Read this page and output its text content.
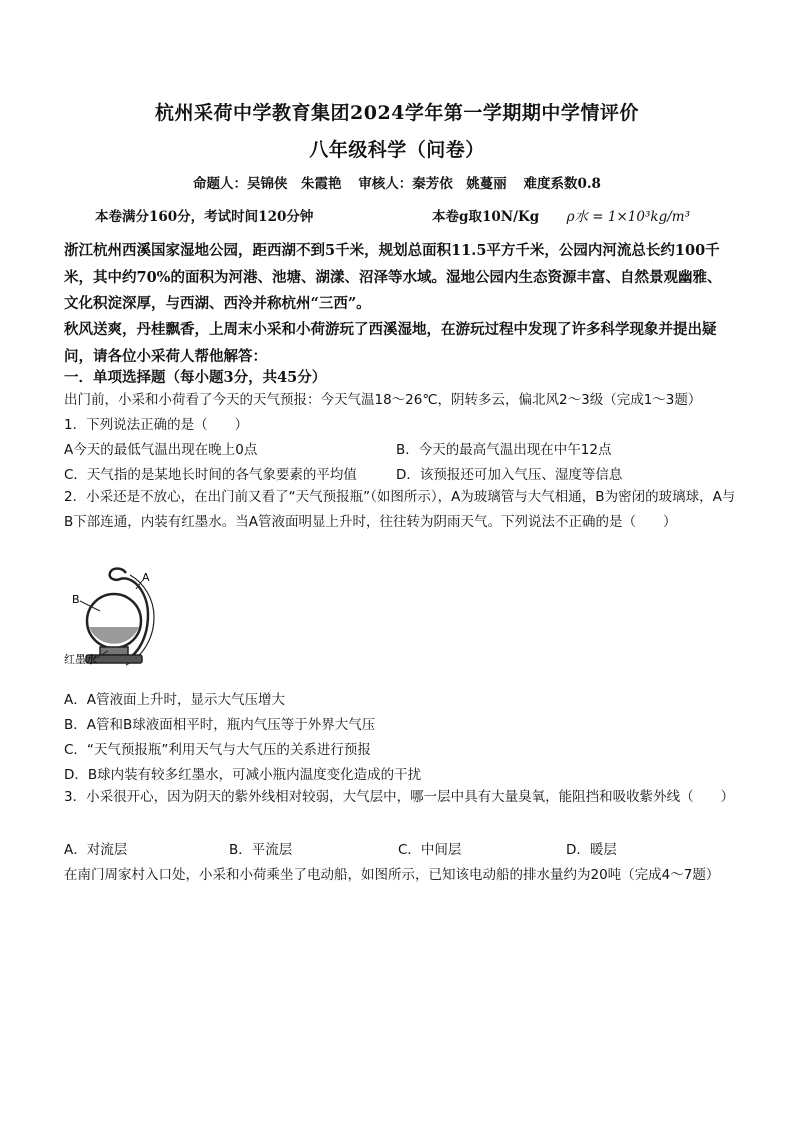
杭州采荷中学教育集团2024学年第一学期期中学情评价
八年级科学（问卷）
命题人：吴锦侠　朱霞艳 审核人：秦芳依　姚蔓丽 难度系数0.8
本卷满分160分，考试时间120分钟	本卷g取10N/Kg ρ水 = 1×10³kg/m³
浙江杭州西溪国家湿地公园，距西湖不到5千米，规划总面积11.5平方千米，公园内河流总长约100千米，其中约70%的面积为河港、池塘、湖漾、沼泽等水域。湿地公园内生态资源丰富、自然景观幽雅、文化积淀深厚，与西湖、西泠并称杭州“三西”。
秋风送爽，丹桂飘香，上周末小采和小荷游玩了西溪湿地，在游玩过程中发现了许多科学现象并提出疑问，请各位小采荷人帮他解答：
一．单项选择题（每小题3分，共45分）
出门前，小采和小荷看了今天的天气预报：今天气温18～26℃，阴转多云，偏北风2～3级（完成1～3题）
1．下列说法正确的是（　　）
A今天的最低气温出现在晚上0点	B．今天的最高气温出现在中午12点
C．天气指的是某地长时间的各气象要素的平均值	D．该预报还可加入气压、湿度等信息
2．小采还是不放心，在出门前又看了“天气预报瓶”（如图所示），A为玻璃管与大气相通，B为密闭的玻璃球，A与B下部连通，内装有红墨水。当A管液面明显上升时，往往转为阴雨天气。下列说法不正确的是（　　）
B
A
红墨水
A．A管液面上升时，显示大气压增大
B．A管和B球液面相平时，瓶内气压等于外界大气压
C．“天气预报瓶”利用天气与大气压的关系进行预报
D．B球内装有较多红墨水，可减小瓶内温度变化造成的干扰
3．小采很开心，因为阴天的紫外线相对较弱，大气层中，哪一层中具有大量臭氧，能阻挡和吸收紫外线（　　）
A．对流层	B．平流层	C．中间层	D．暖层
在南门周家村入口处，小采和小荷乘坐了电动船，如图所示，已知该电动船的排水量约为20吨（完成4～7题）
